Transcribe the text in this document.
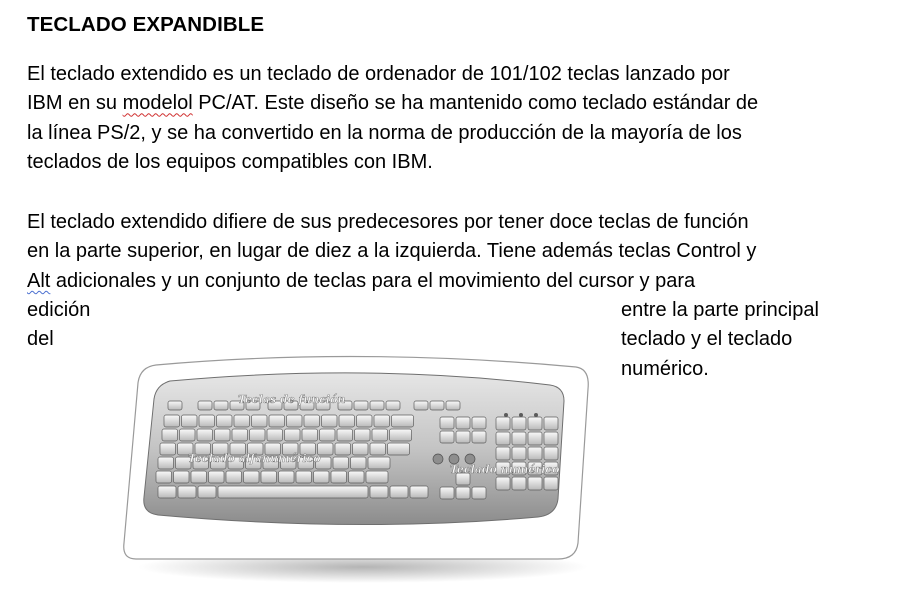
TECLADO EXPANDIBLE
El teclado extendido es un teclado de ordenador de 101/102 teclas lanzado por
IBM en su modelol PC/AT. Este diseño se ha mantenido como teclado estándar de
la línea PS/2, y se ha convertido en la norma de producción de la mayoría de los
teclados de los equipos compatibles con IBM.
El teclado extendido difiere de sus predecesores por tener doce teclas de función
en la parte superior, en lugar de diez a la izquierda. Tiene además teclas Control y
Alt adicionales y un conjunto de teclas para el movimiento del cursor y para
edición
del
entre la parte principal
teclado y el teclado
numérico.
Teclas de función
Teclado alfanumérico
Teclado numérico
